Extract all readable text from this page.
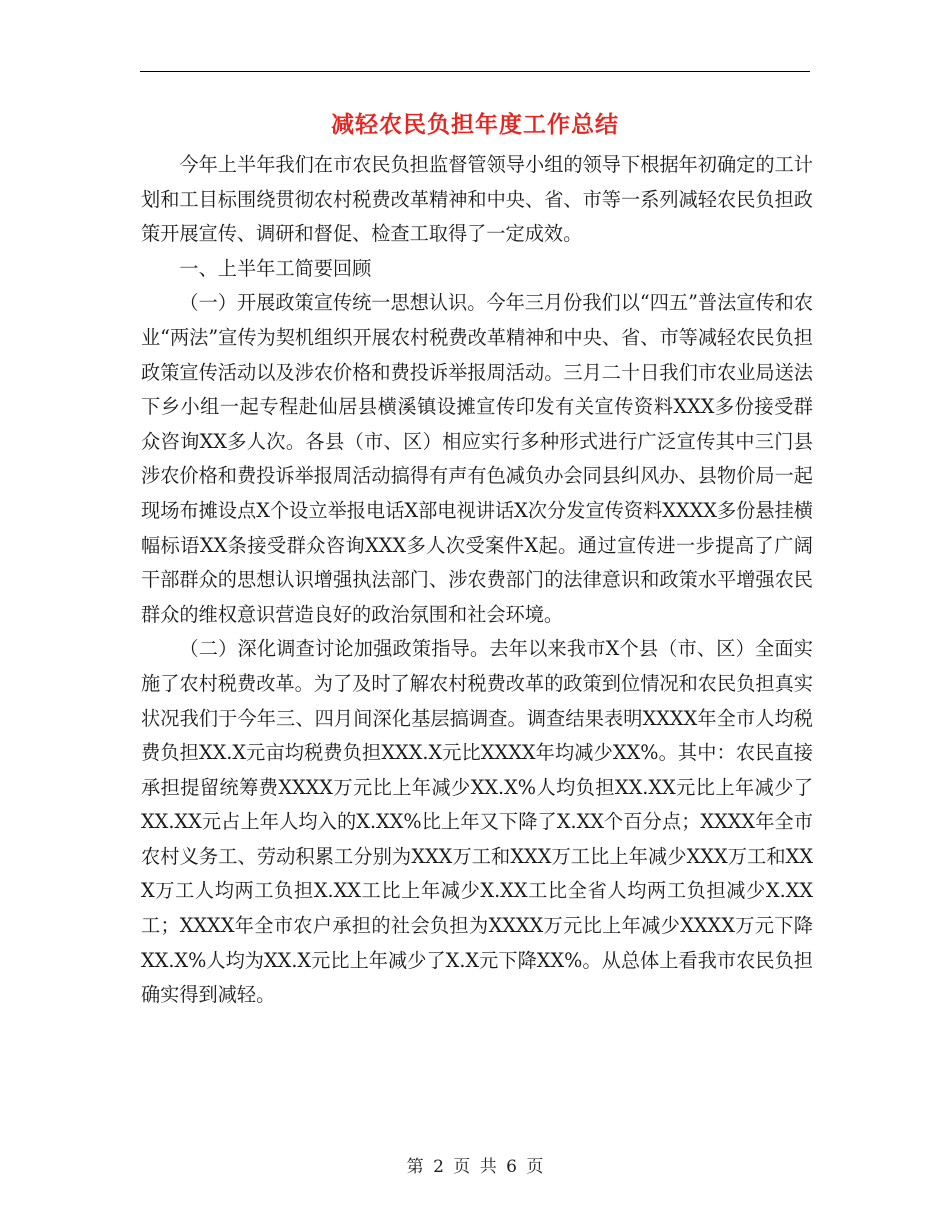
减轻农民负担年度工作总结

今年上半年我们在市农民负担监督管领导小组的领导下根据年初确定的工计划和工目标围绕贯彻农村税费改革精神和中央、省、市等一系列减轻农民负担政策开展宣传、调研和督促、检查工取得了一定成效。

一、上半年工简要回顾

（一）开展政策宣传统一思想认识。今年三月份我们以“四五”普法宣传和农业“两法”宣传为契机组织开展农村税费改革精神和中央、省、市等减轻农民负担政策宣传活动以及涉农价格和费投诉举报周活动。三月二十日我们市农业局送法下乡小组一起专程赴仙居县横溪镇设摊宣传印发有关宣传资料XXX多份接受群众咨询XX多人次。各县（市、区）相应实行多种形式进行广泛宣传其中三门县涉农价格和费投诉举报周活动搞得有声有色减负办会同县纠风办、县物价局一起现场布摊设点X个设立举报电话X部电视讲话X次分发宣传资料XXXX多份悬挂横幅标语XX条接受群众咨询XXX多人次受案件X起。通过宣传进一步提高了广阔干部群众的思想认识增强执法部门、涉农费部门的法律意识和政策水平增强农民群众的维权意识营造良好的政治氛围和社会环境。

（二）深化调查讨论加强政策指导。去年以来我市X个县（市、区）全面实施了农村税费改革。为了及时了解农村税费改革的政策到位情况和农民负担真实状况我们于今年三、四月间深化基层搞调查。调查结果表明XXXX年全市人均税费负担XX.X元亩均税费负担XXX.X元比XXXX年均减少XX%。其中：农民直接承担提留统筹费XXXX万元比上年减少XX.X%人均负担XX.XX元比上年减少了XX.XX元占上年人均入的X.XX%比上年又下降了X.XX个百分点；XXXX年全市农村义务工、劳动积累工分别为XXX万工和XXX万工比上年减少XXX万工和XXX万工人均两工负担X.XX工比上年减少X.XX工比全省人均两工负担减少X.XX工；XXXX年全市农户承担的社会负担为XXXX万元比上年减少XXXX万元下降XX.X%人均为XX.X元比上年减少了X.X元下降XX%。从总体上看我市农民负担确实得到减轻。

第 2 页 共 6 页
